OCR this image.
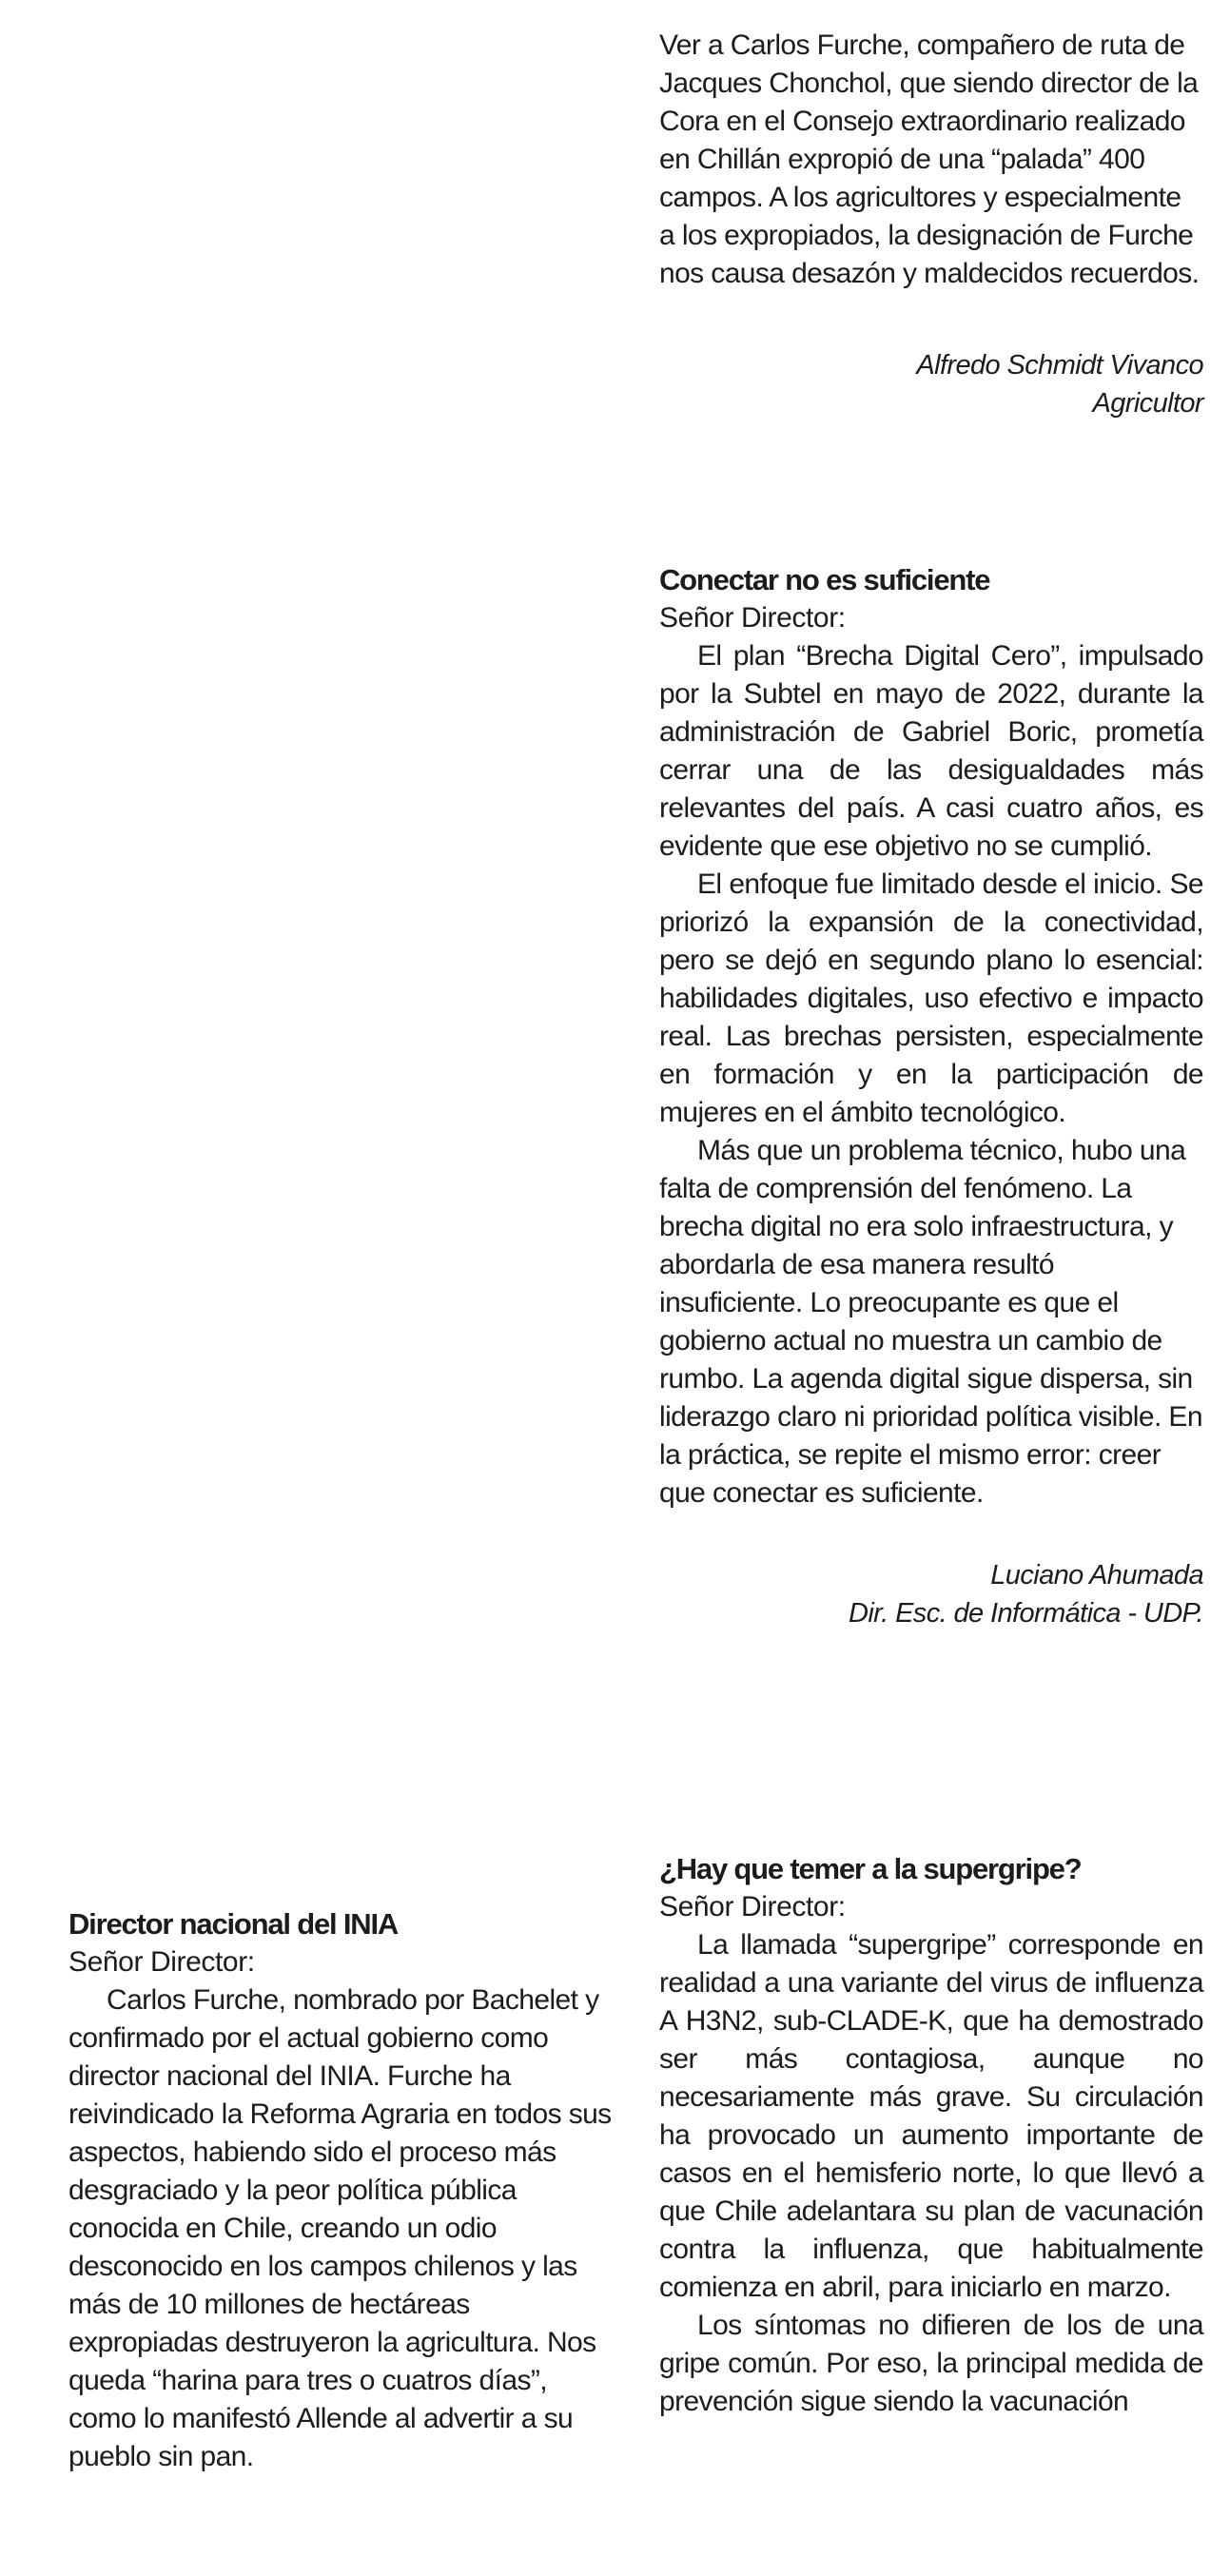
Ver a Carlos Furche, compañero de ruta de Jacques Chonchol, que siendo director de la Cora en el Consejo extraordinario realizado en Chillán expropió de una “palada” 400 campos. A los agricultores y especialmente a los expropiados, la designación de Furche nos causa desazón y maldecidos recuerdos.

Alfredo Schmidt Vivanco

Agricultor

Conectar no es suficiente

Señor Director:

El plan “Brecha Digital Cero”, impulsado por la Subtel en mayo de 2022, durante la administración de Gabriel Boric, prometía cerrar una de las desigualdades más relevantes del país. A casi cuatro años, es evidente que ese objetivo no se cumplió.

El enfoque fue limitado desde el inicio. Se priorizó la expansión de la conectividad, pero se dejó en segundo plano lo esencial: habilidades digitales, uso efectivo e impacto real. Las brechas persisten, especialmente en formación y en la participación de mujeres en el ámbito tecnológico.

Más que un problema técnico, hubo una falta de comprensión del fenómeno. La brecha digital no era solo infraestructura, y abordarla de esa manera resultó insuficiente. Lo preocupante es que el gobierno actual no muestra un cambio de rumbo. La agenda digital sigue dispersa, sin liderazgo claro ni prioridad política visible. En la práctica, se repite el mismo error: creer que conectar es suficiente.

Luciano Ahumada

Dir. Esc. de Informática - UDP.

Director nacional del INIA

Señor Director:

Carlos Furche, nombrado por Bachelet y confirmado por el actual gobierno como director nacional del INIA. Furche ha reivindicado la Reforma Agraria en todos sus aspectos, habiendo sido el proceso más desgraciado y la peor política pública conocida en Chile, creando un odio desconocido en los campos chilenos y las más de 10 millones de hectáreas expropiadas destruyeron la agricultura. Nos queda “harina para tres o cuatros días”, como lo manifestó Allende al advertir a su pueblo sin pan.

¿Hay que temer a la supergripe?

Señor Director:

La llamada “supergripe” corresponde en realidad a una variante del virus de influenza A H3N2, sub-CLADE-K, que ha demostrado ser más contagiosa, aunque no necesariamente más grave. Su circulación ha provocado un aumento importante de casos en el hemisferio norte, lo que llevó a que Chile adelantara su plan de vacunación contra la influenza, que habitualmente comienza en abril, para iniciarlo en marzo.

Los síntomas no difieren de los de una gripe común. Por eso, la principal medida de prevención sigue siendo la vacunación
